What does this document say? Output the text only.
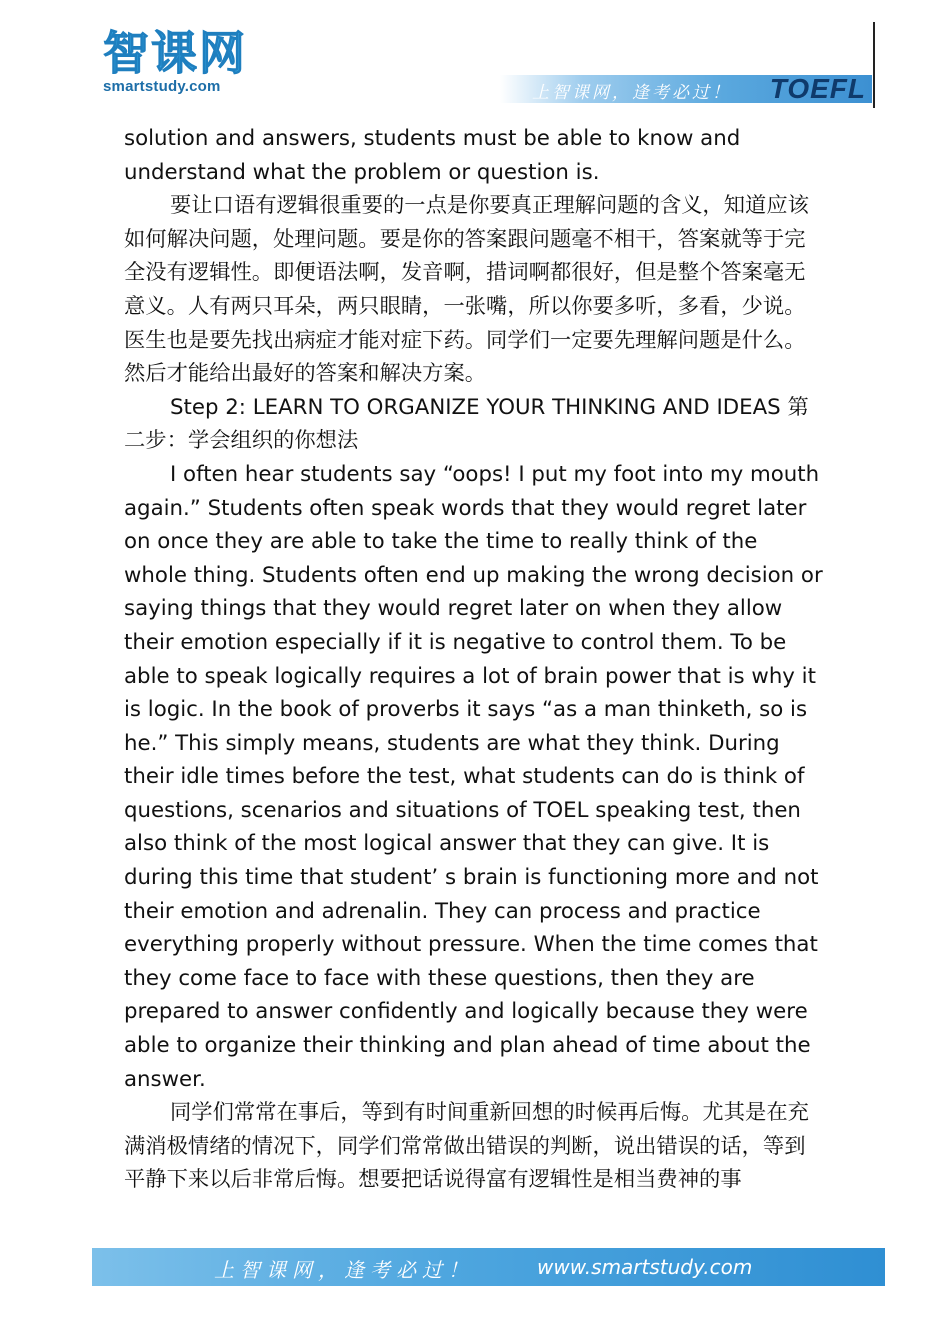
智课网
smartstudy.com	上智课网，逢考必过！ TOEFL

solution and answers, students must be able to know and understand what the problem or question is.

要让口语有逻辑很重要的一点是你要真正理解问题的含义，知道应该如何解决问题，处理问题。要是你的答案跟问题毫不相干，答案就等于完全没有逻辑性。即便语法啊，发音啊，措词啊都很好，但是整个答案毫无意义。人有两只耳朵，两只眼睛，一张嘴，所以你要多听，多看，少说。医生也是要先找出病症才能对症下药。同学们一定要先理解问题是什么。然后才能给出最好的答案和解决方案。

Step 2: LEARN TO ORGANIZE YOUR THINKING AND IDEAS 第二步：学会组织的你想法

I often hear students say “oops! I put my foot into my mouth again.” Students often speak words that they would regret later on once they are able to take the time to really think of the whole thing. Students often end up making the wrong decision or saying things that they would regret later on when they allow their emotion especially if it is negative to control them. To be able to speak logically requires a lot of brain power that is why it is logic. In the book of proverbs it says “as a man thinketh, so is he.” This simply means, students are what they think. During their idle times before the test, what students can do is think of questions, scenarios and situations of TOEL speaking test, then also think of the most logical answer that they can give. It is during this time that student’ s brain is functioning more and not their emotion and adrenalin. They can process and practice everything properly without pressure. When the time comes that they come face to face with these questions, then they are prepared to answer confidently and logically because they were able to organize their thinking and plan ahead of time about the answer.

同学们常常在事后，等到有时间重新回想的时候再后悔。尤其是在充满消极情绪的情况下，同学们常常做出错误的判断，说出错误的话，等到平静下来以后非常后悔。想要把话说得富有逻辑性是相当费神的事

上智课网，逢考必过！	www.smartstudy.com
